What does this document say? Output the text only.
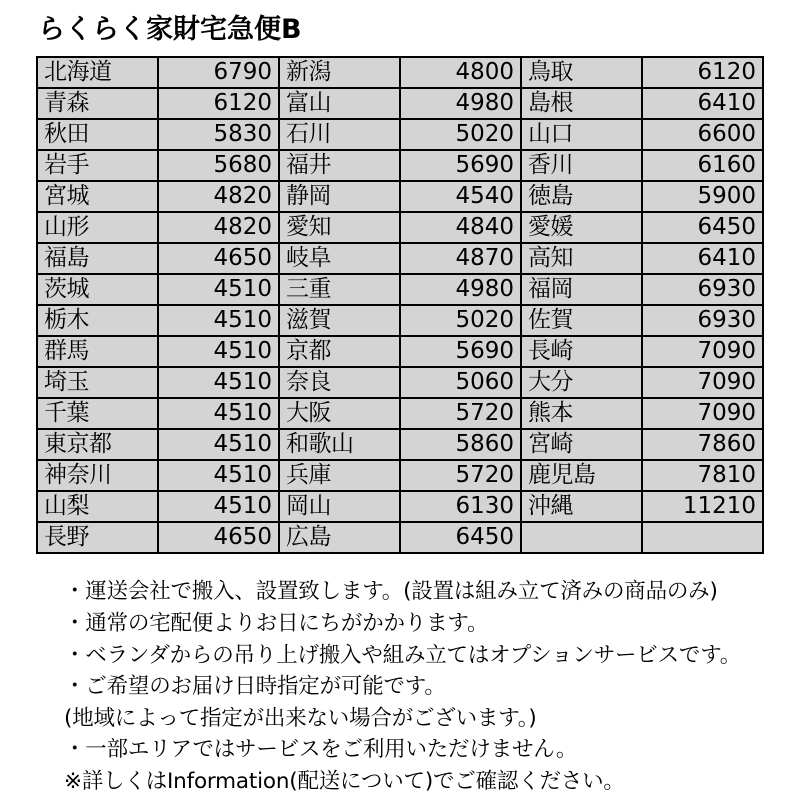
らくらく家財宅急便B
北海道	6790	新潟	4800	鳥取	6120
青森	6120	富山	4980	島根	6410
秋田	5830	石川	5020	山口	6600
岩手	5680	福井	5690	香川	6160
宮城	4820	静岡	4540	徳島	5900
山形	4820	愛知	4840	愛媛	6450
福島	4650	岐阜	4870	高知	6410
茨城	4510	三重	4980	福岡	6930
栃木	4510	滋賀	5020	佐賀	6930
群馬	4510	京都	5690	長崎	7090
埼玉	4510	奈良	5060	大分	7090
千葉	4510	大阪	5720	熊本	7090
東京都	4510	和歌山	5860	宮崎	7860
神奈川	4510	兵庫	5720	鹿児島	7810
山梨	4510	岡山	6130	沖縄	11210
長野	4650	広島	6450		
・運送会社で搬入、設置致します。(設置は組み立て済みの商品のみ)
・通常の宅配便よりお日にちがかかります。
・ベランダからの吊り上げ搬入や組み立てはオプションサービスです。
・ご希望のお届け日時指定が可能です。
(地域によって指定が出来ない場合がございます。)
・一部エリアではサービスをご利用いただけません。
※詳しくはInformation(配送について)でご確認ください。
